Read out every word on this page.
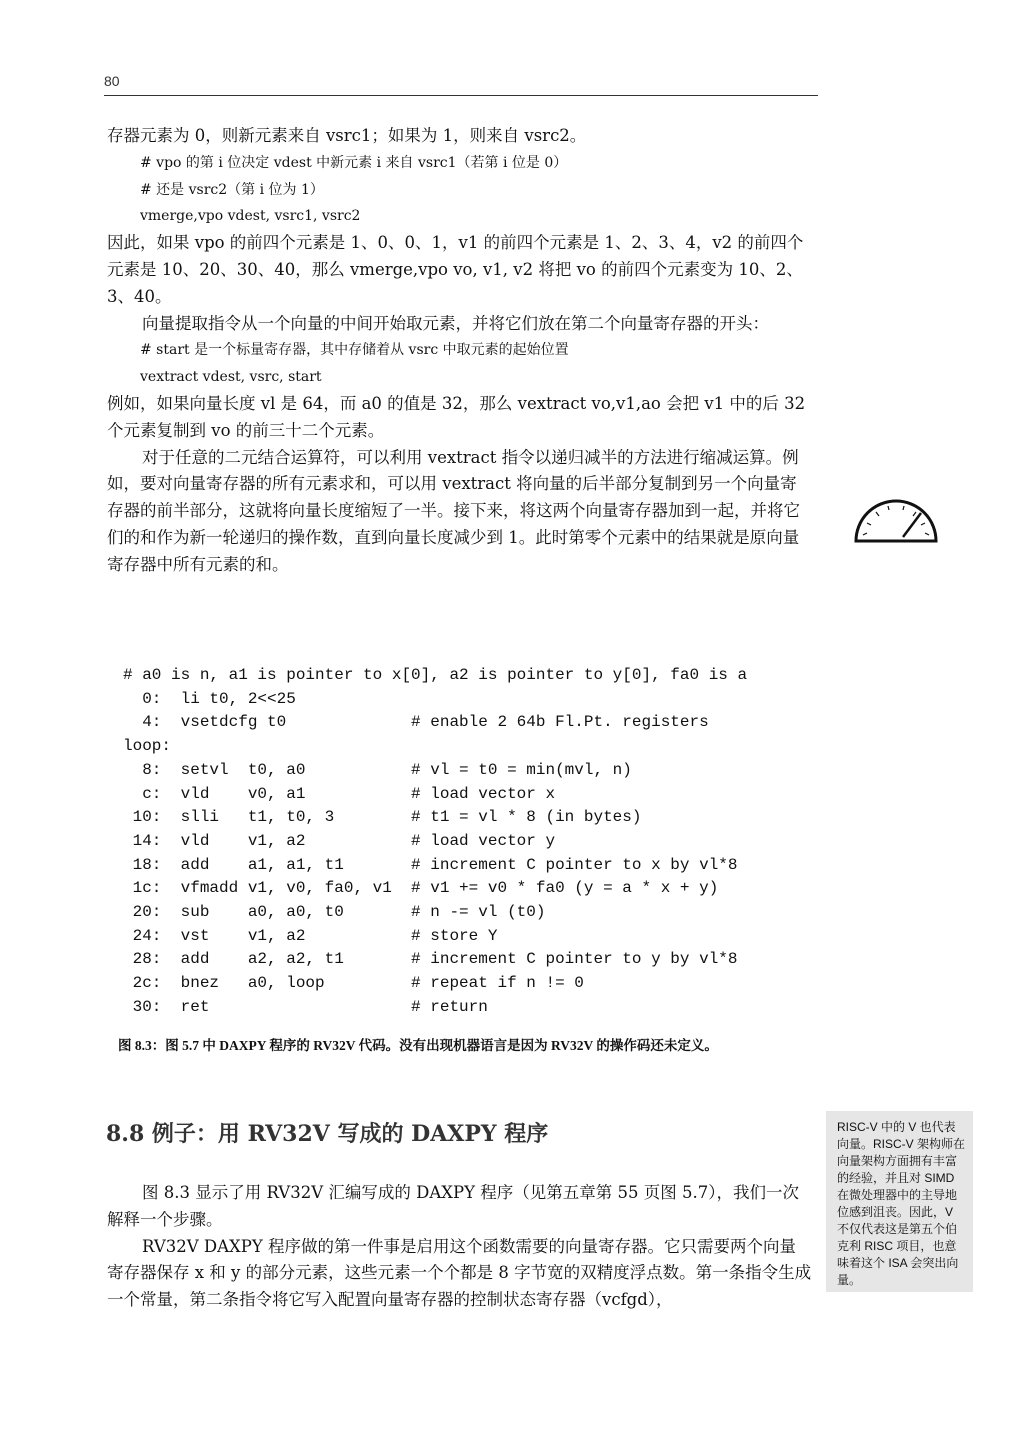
80

存器元素为 0，则新元素来自 vsrc1；如果为 1，则来自 vsrc2。

# vpo 的第 i 位决定 vdest 中新元素 i 来自 vsrc1（若第 i 位是 0）

# 还是 vsrc2（第 i 位为 1）

vmerge,vpo vdest, vsrc1, vsrc2

因此，如果 vpo 的前四个元素是 1、0、0、1，v1 的前四个元素是 1、2、3、4，v2 的前四个元素是 10、20、30、40，那么 vmerge,vpo vo, v1, v2 将把 vo 的前四个元素变为 10、2、3、40。

向量提取指令从一个向量的中间开始取元素，并将它们放在第二个向量寄存器的开头：

# start 是一个标量寄存器，其中存储着从 vsrc 中取元素的起始位置

vextract vdest, vsrc, start

例如，如果向量长度 vl 是 64，而 a0 的值是 32，那么 vextract vo,v1,ao 会把 v1 中的后 32 个元素复制到 vo 的前三十二个元素。

对于任意的二元结合运算符，可以利用 vextract 指令以递归减半的方法进行缩减运算。例如，要对向量寄存器的所有元素求和，可以用 vextract 将向量的后半部分复制到另一个向量寄存器的前半部分，这就将向量长度缩短了一半。接下来，将这两个向量寄存器加到一起，并将它们的和作为新一轮递归的操作数，直到向量长度减少到 1。此时第零个元素中的结果就是原向量寄存器中所有元素的和。

# a0 is n, a1 is pointer to x[0], a2 is pointer to y[0], fa0 is a
0:  li t0, 2<<25
4:  vsetdcfg t0             # enable 2 64b Fl.Pt. registers
loop:
8:  setvl  t0, a0           # vl = t0 = min(mvl, n)
c:  vld    v0, a1           # load vector x
10:  slli   t1, t0, 3        # t1 = vl * 8 (in bytes)
14:  vld    v1, a2           # load vector y
18:  add    a1, a1, t1       # increment C pointer to x by vl*8
1c:  vfmadd v1, v0, fa0, v1  # v1 += v0 * fa0 (y = a * x + y)
20:  sub    a0, a0, t0       # n -= vl (t0)
24:  vst    v1, a2           # store Y
28:  add    a2, a2, t1       # increment C pointer to y by vl*8
2c:  bnez   a0, loop         # repeat if n != 0
30:  ret                     # return
图 8.3：图 5.7 中 DAXPY 程序的 RV32V 代码。没有出现机器语言是因为 RV32V 的操作码还未定义。
8.8 例子：用 RV32V 写成的 DAXPY 程序

图 8.3 显示了用 RV32V 汇编写成的 DAXPY 程序（见第五章第 55 页图 5.7），我们一次解释一个步骤。

RV32V DAXPY 程序做的第一件事是启用这个函数需要的向量寄存器。它只需要两个向量寄存器保存 x 和 y 的部分元素，这些元素一个个都是 8 字节宽的双精度浮点数。第一条指令生成一个常量，第二条指令将它写入配置向量寄存器的控制状态寄存器（vcfgd），

RISC-V 中的 V 也代表向量。RISC-V 架构师在向量架构方面拥有丰富的经验，并且对 SIMD 在微处理器中的主导地位感到沮丧。因此，V 不仅代表这是第五个伯克利 RISC 项目，也意味着这个 ISA 会突出向量。
